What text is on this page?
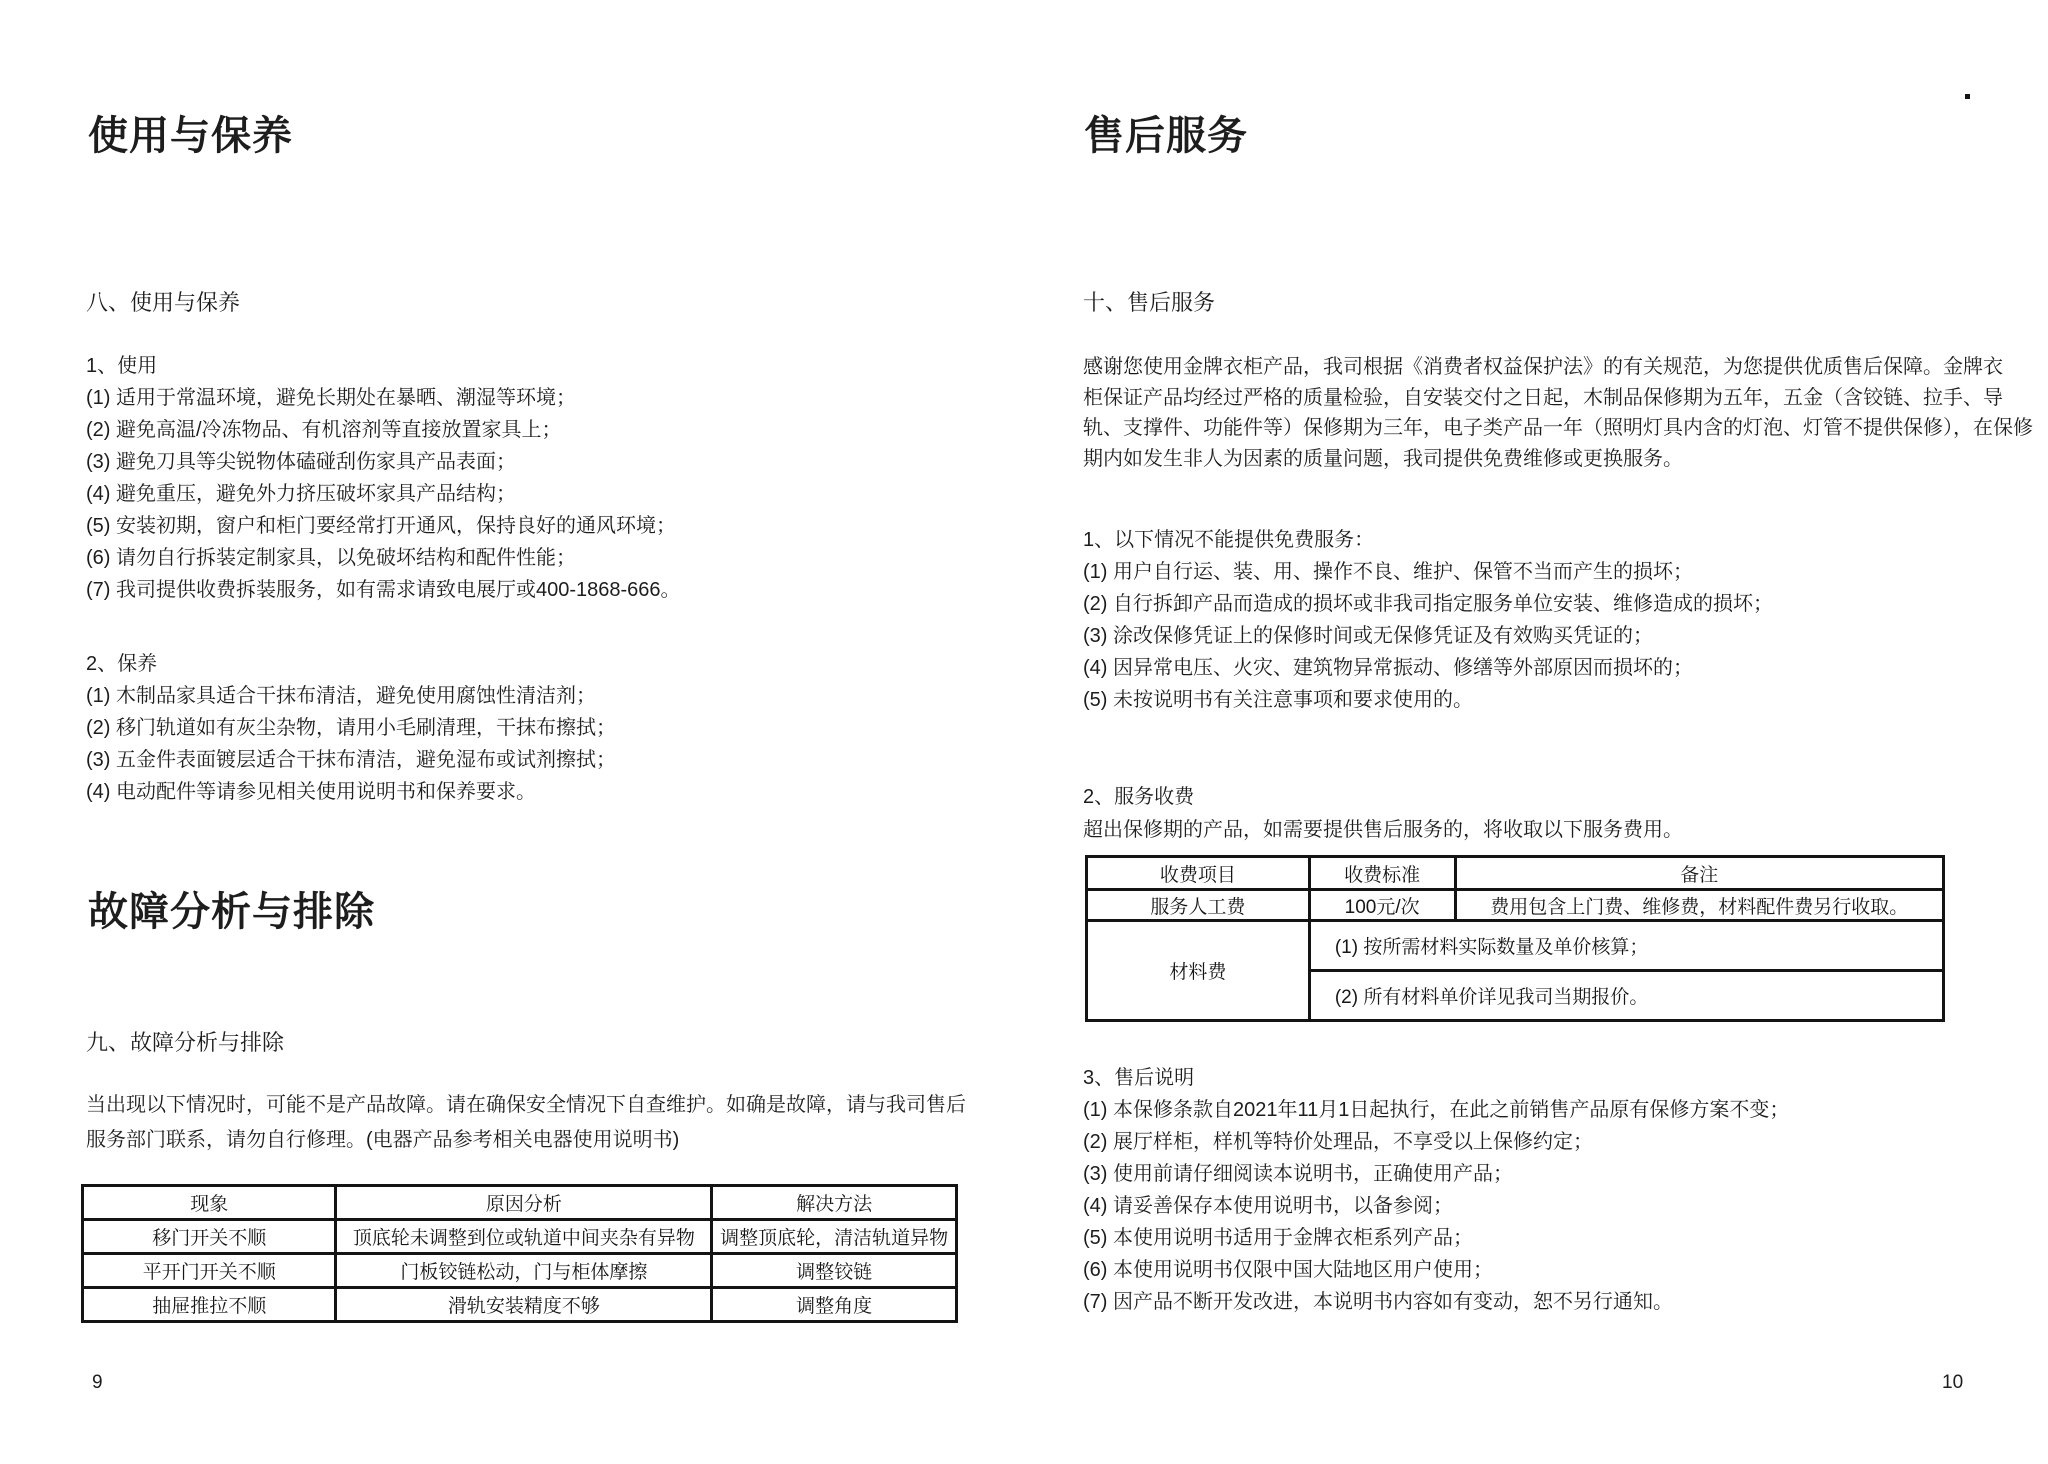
使用与保养
八、使用与保养
1、使用
(1) 适用于常温环境，避免长期处在暴晒、潮湿等环境；
(2) 避免高温/冷冻物品、有机溶剂等直接放置家具上；
(3) 避免刀具等尖锐物体磕碰刮伤家具产品表面；
(4) 避免重压，避免外力挤压破坏家具产品结构；
(5) 安装初期，窗户和柜门要经常打开通风，保持良好的通风环境；
(6) 请勿自行拆装定制家具，以免破坏结构和配件性能；
(7) 我司提供收费拆装服务，如有需求请致电展厅或400-1868-666。
2、保养
(1) 木制品家具适合干抹布清洁，避免使用腐蚀性清洁剂；
(2) 移门轨道如有灰尘杂物，请用小毛刷清理，干抹布擦拭；
(3) 五金件表面镀层适合干抹布清洁，避免湿布或试剂擦拭；
(4) 电动配件等请参见相关使用说明书和保养要求。
故障分析与排除
九、故障分析与排除
当出现以下情况时，可能不是产品故障。请在确保安全情况下自查维护。如确是故障，请与我司售后
服务部门联系，请勿自行修理。(电器产品参考相关电器使用说明书)
现象	原因分析	解决方法
移门开关不顺	顶底轮未调整到位或轨道中间夹杂有异物	调整顶底轮，清洁轨道异物
平开门开关不顺	门板铰链松动，门与柜体摩擦	调整铰链
抽屉推拉不顺	滑轨安装精度不够	调整角度
9
售后服务
十、售后服务
感谢您使用金牌衣柜产品，我司根据《消费者权益保护法》的有关规范，为您提供优质售后保障。金牌衣
柜保证产品均经过严格的质量检验，自安装交付之日起，木制品保修期为五年，五金（含铰链、拉手、导
轨、支撑件、功能件等）保修期为三年，电子类产品一年（照明灯具内含的灯泡、灯管不提供保修），在保修
期内如发生非人为因素的质量问题，我司提供免费维修或更换服务。
1、以下情况不能提供免费服务：
(1) 用户自行运、装、用、操作不良、维护、保管不当而产生的损坏；
(2) 自行拆卸产品而造成的损坏或非我司指定服务单位安装、维修造成的损坏；
(3) 涂改保修凭证上的保修时间或无保修凭证及有效购买凭证的；
(4) 因异常电压、火灾、建筑物异常振动、修缮等外部原因而损坏的；
(5) 未按说明书有关注意事项和要求使用的。
2、服务收费
超出保修期的产品，如需要提供售后服务的，将收取以下服务费用。
收费项目	收费标准	备注
服务人工费	100元/次	费用包含上门费、维修费，材料配件费另行收取。
材料费	(1) 按所需材料实际数量及单价核算；	
	(2) 所有材料单价详见我司当期报价。	
3、售后说明
(1) 本保修条款自2021年11月1日起执行，在此之前销售产品原有保修方案不变；
(2) 展厅样柜，样机等特价处理品，不享受以上保修约定；
(3) 使用前请仔细阅读本说明书，正确使用产品；
(4) 请妥善保存本使用说明书，以备参阅；
(5) 本使用说明书适用于金牌衣柜系列产品；
(6) 本使用说明书仅限中国大陆地区用户使用；
(7) 因产品不断开发改进，本说明书内容如有变动，恕不另行通知。
10
